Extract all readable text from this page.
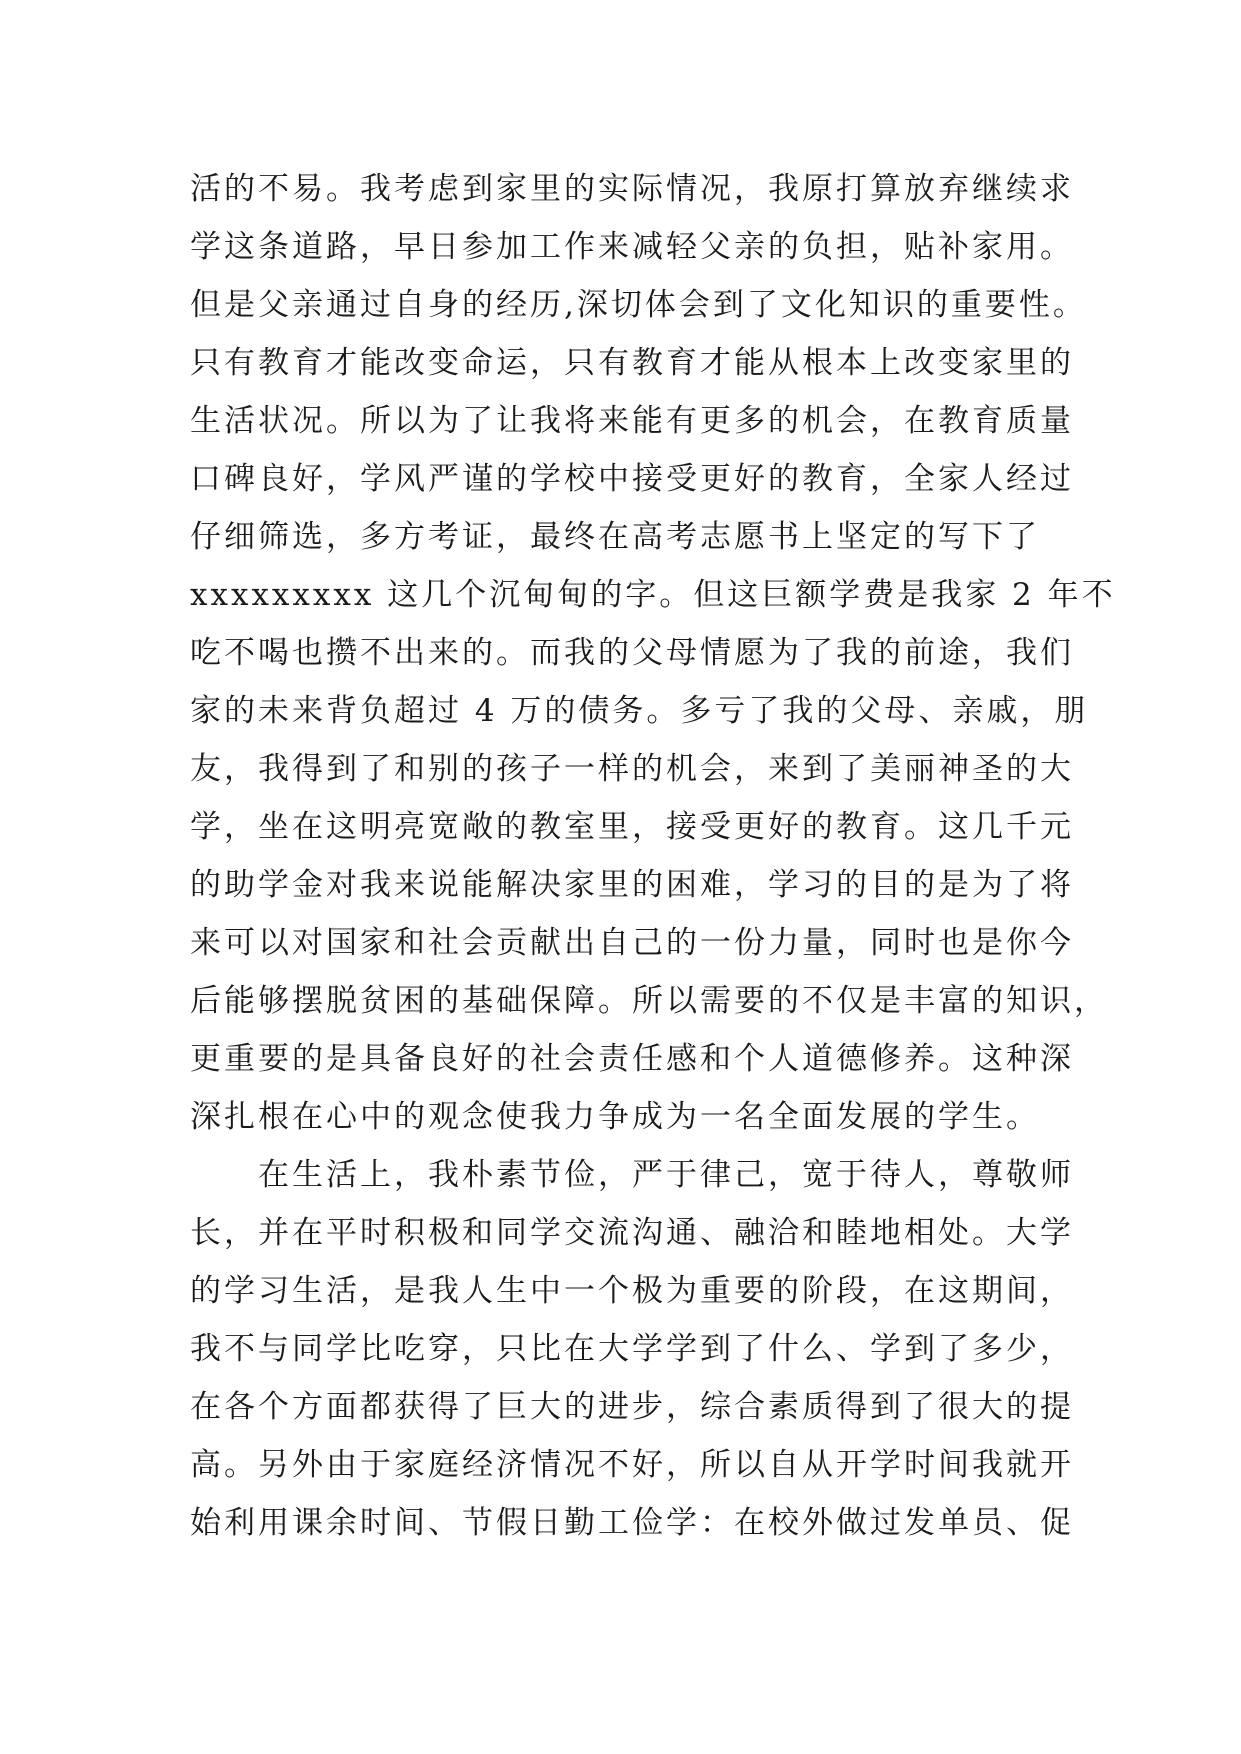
活的不易。我考虑到家里的实际情况，我原打算放弃继续求
学这条道路，早日参加工作来减轻父亲的负担，贴补家用。
但是父亲通过自身的经历,深切体会到了文化知识的重要性。
只有教育才能改变命运，只有教育才能从根本上改变家里的
生活状况。所以为了让我将来能有更多的机会，在教育质量
口碑良好，学风严谨的学校中接受更好的教育，全家人经过
仔细筛选，多方考证，最终在高考志愿书上坚定的写下了
xxxxxxxxx 这几个沉甸甸的字。但这巨额学费是我家 2 年不
吃不喝也攒不出来的。而我的父母情愿为了我的前途，我们
家的未来背负超过 4 万的债务。多亏了我的父母、亲戚，朋
友，我得到了和别的孩子一样的机会，来到了美丽神圣的大
学，坐在这明亮宽敞的教室里，接受更好的教育。这几千元
的助学金对我来说能解决家里的困难，学习的目的是为了将
来可以对国家和社会贡献出自己的一份力量，同时也是你今
后能够摆脱贫困的基础保障。所以需要的不仅是丰富的知识，
更重要的是具备良好的社会责任感和个人道德修养。这种深
深扎根在心中的观念使我力争成为一名全面发展的学生。
　　在生活上，我朴素节俭，严于律己，宽于待人，尊敬师
长，并在平时积极和同学交流沟通、融洽和睦地相处。大学
的学习生活，是我人生中一个极为重要的阶段，在这期间，
我不与同学比吃穿，只比在大学学到了什么、学到了多少，
在各个方面都获得了巨大的进步，综合素质得到了很大的提
高。另外由于家庭经济情况不好，所以自从开学时间我就开
始利用课余时间、节假日勤工俭学：在校外做过发单员、促
